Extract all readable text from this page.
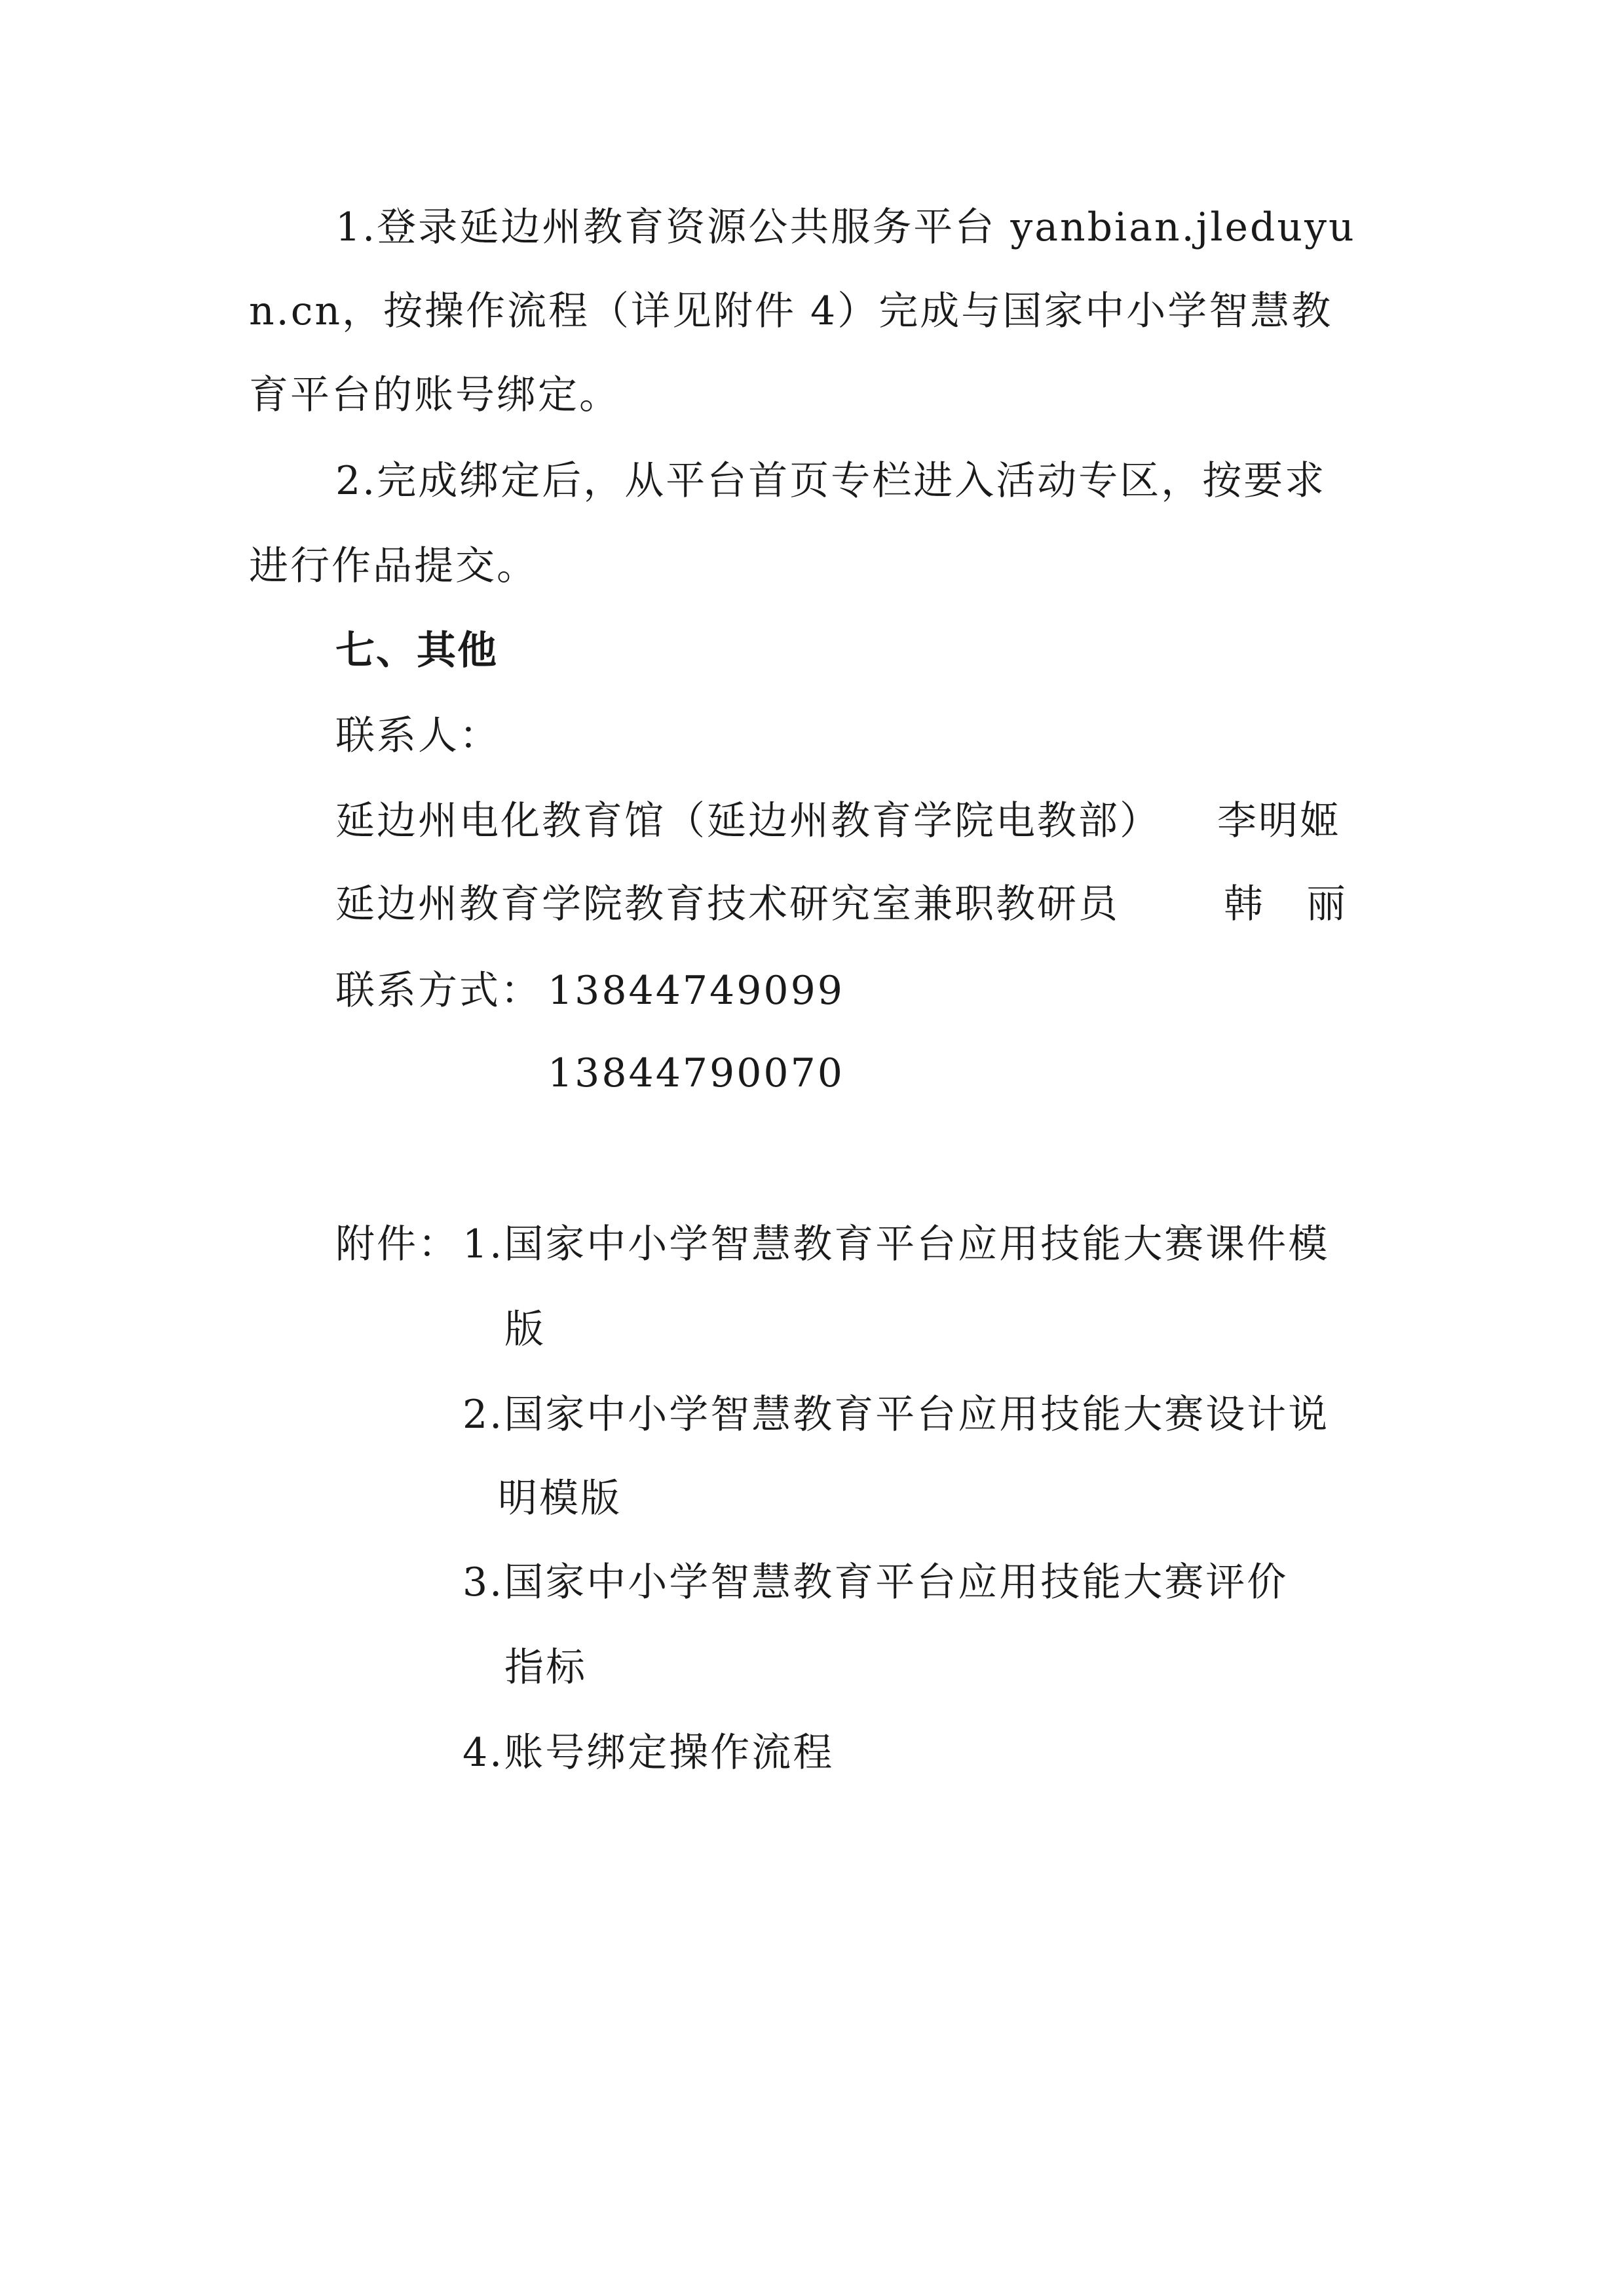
1.登录延边州教育资源公共服务平台 yanbian.jleduyu
n.cn，按操作流程（详见附件 4）完成与国家中小学智慧教
育平台的账号绑定。
2.完成绑定后，从平台首页专栏进入活动专区，按要求
进行作品提交。
七、其他
联系人：
延边州电化教育馆（延边州教育学院电教部） 李明姬
延边州教育学院教育技术研究室兼职教研员	韩　丽
联系方式： 13844749099
13844790070
附件： 1.国家中小学智慧教育平台应用技能大赛课件模
版
2.国家中小学智慧教育平台应用技能大赛设计说
明模版
3.国家中小学智慧教育平台应用技能大赛评价
指标
4.账号绑定操作流程
